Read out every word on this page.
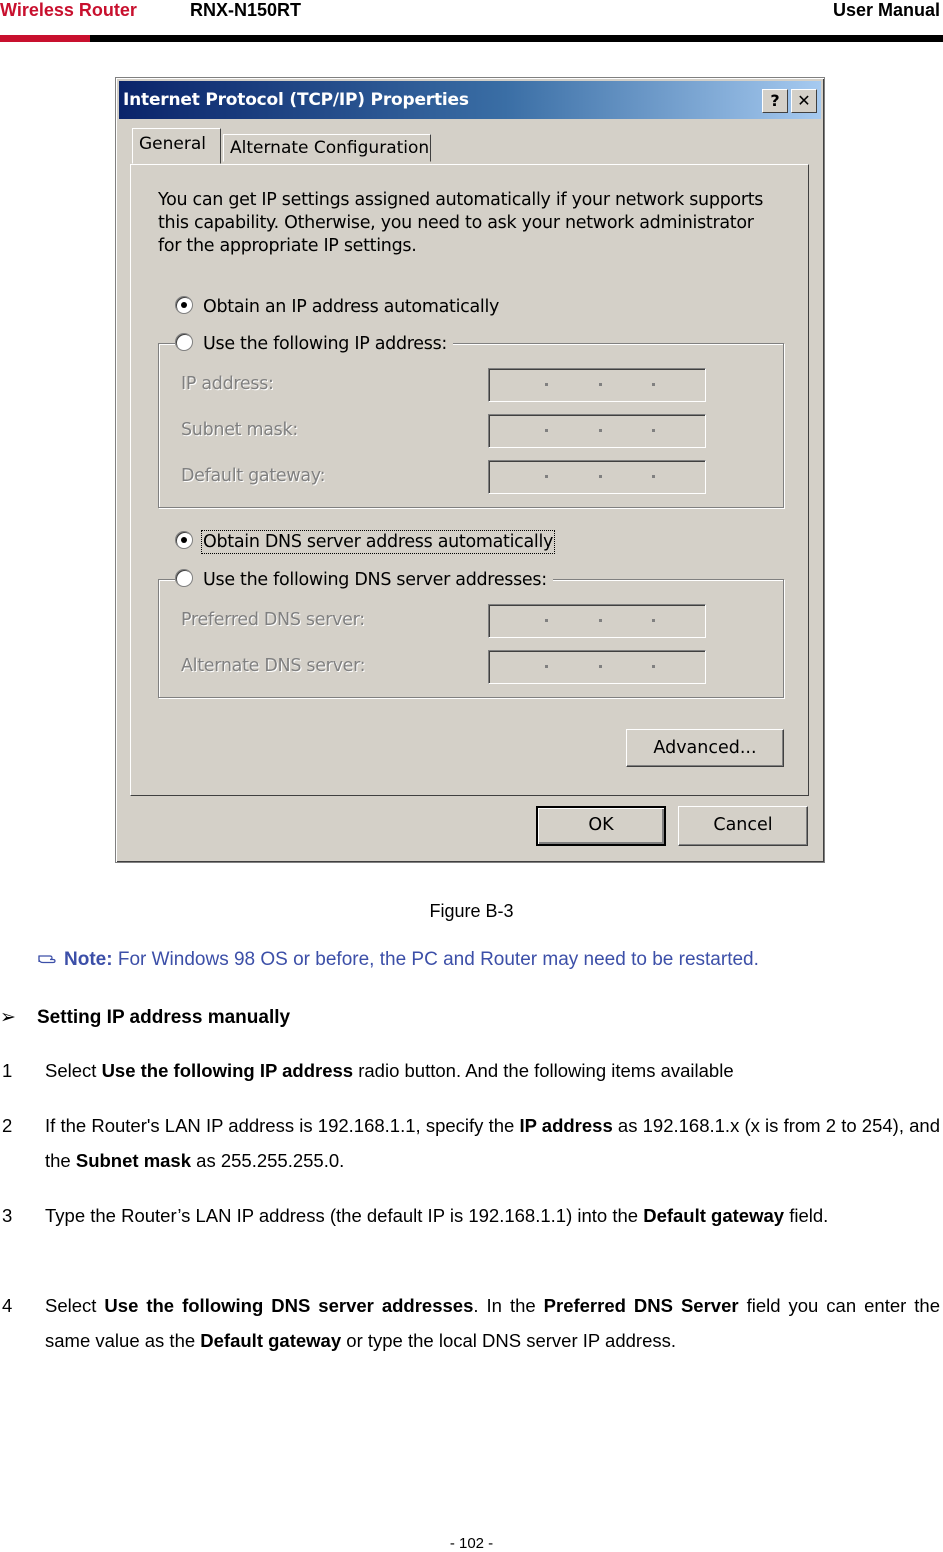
Wireless Router	RNX-N150RT	User Manual
Internet Protocol (TCP/IP) Properties	?	✕
General	Alternate Configuration
You can get IP settings assigned automatically if your network supports this capability. Otherwise, you need to ask your network administrator for the appropriate IP settings.
Obtain an IP address automatically
IP address:
Subnet mask:
Default gateway:
Use the following IP address:
Obtain DNS server address automatically
Preferred DNS server:
Alternate DNS server:
Use the following DNS server addresses:
Advanced...
OK	Cancel
Figure B-3
Note: For Windows 98 OS or before, the PC and Router may need to be restarted.
➢ Setting IP address manually
1 Select Use the following IP address radio button. And the following items available
2 If the Router's LAN IP address is 192.168.1.1, specify the IP address as 192.168.1.x (x is from 2 to 254), and the Subnet mask as 255.255.255.0.
3 Type the Router’s LAN IP address (the default IP is 192.168.1.1) into the Default gateway field.
4 Select Use the following DNS server addresses. In the Preferred DNS Server field you can enter the same value as the Default gateway or type the local DNS server IP address.
- 102 -
